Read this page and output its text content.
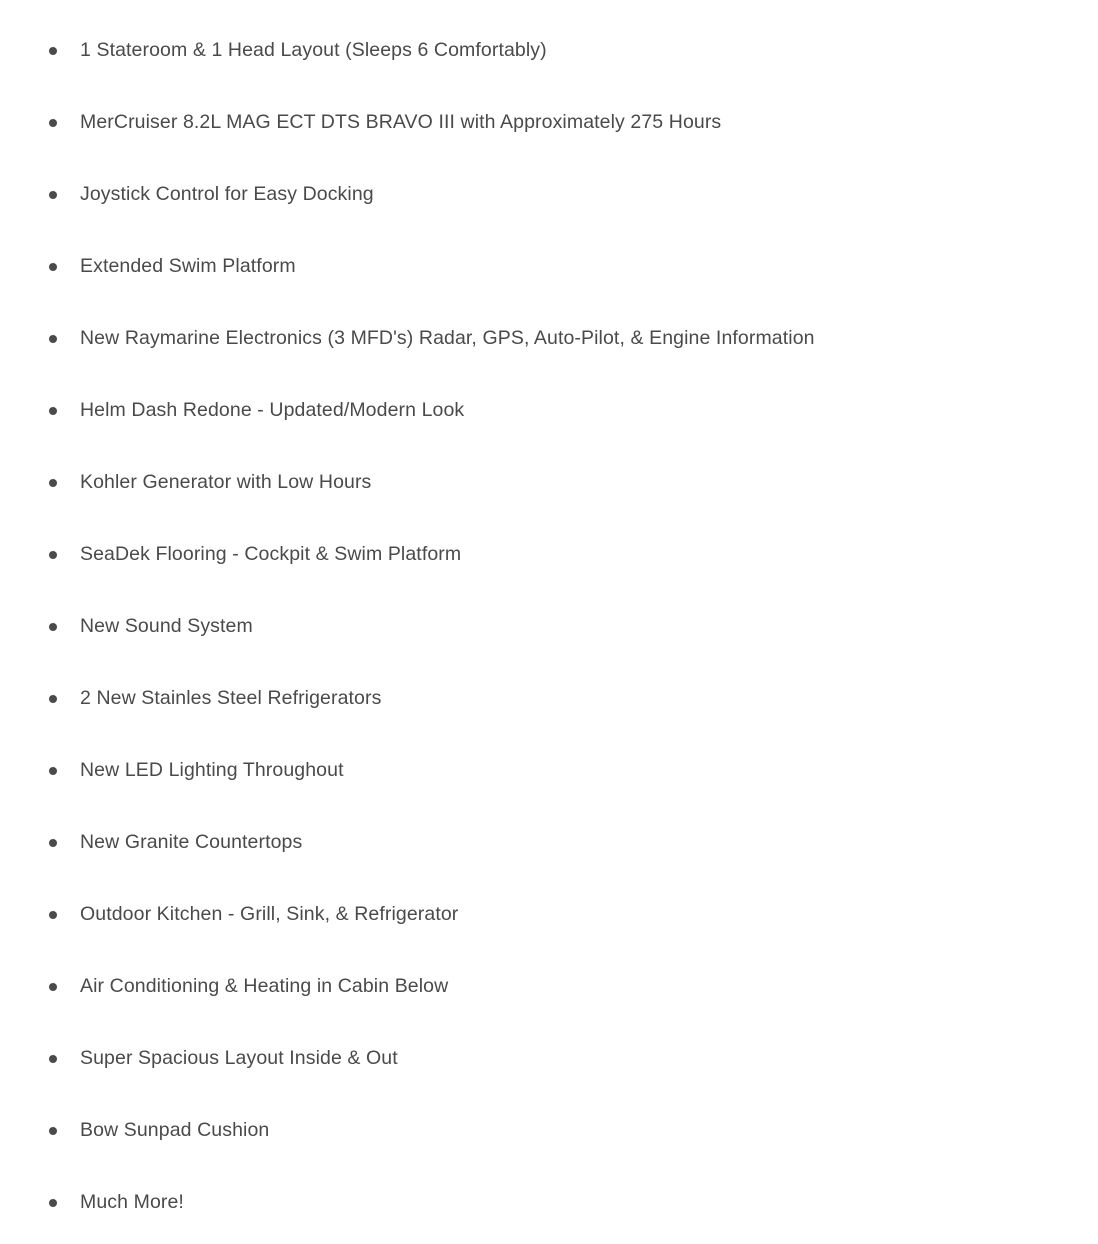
1 Stateroom & 1 Head Layout (Sleeps 6 Comfortably)
MerCruiser 8.2L MAG ECT DTS BRAVO III with Approximately 275 Hours
Joystick Control for Easy Docking
Extended Swim Platform
New Raymarine Electronics (3 MFD's) Radar, GPS, Auto-Pilot, & Engine Information
Helm Dash Redone - Updated/Modern Look
Kohler Generator with Low Hours
SeaDek Flooring - Cockpit & Swim Platform
New Sound System
2 New Stainles Steel Refrigerators
New LED Lighting Throughout
New Granite Countertops
Outdoor Kitchen - Grill, Sink, & Refrigerator
Air Conditioning & Heating in Cabin Below
Super Spacious Layout Inside & Out
Bow Sunpad Cushion
Much More!
